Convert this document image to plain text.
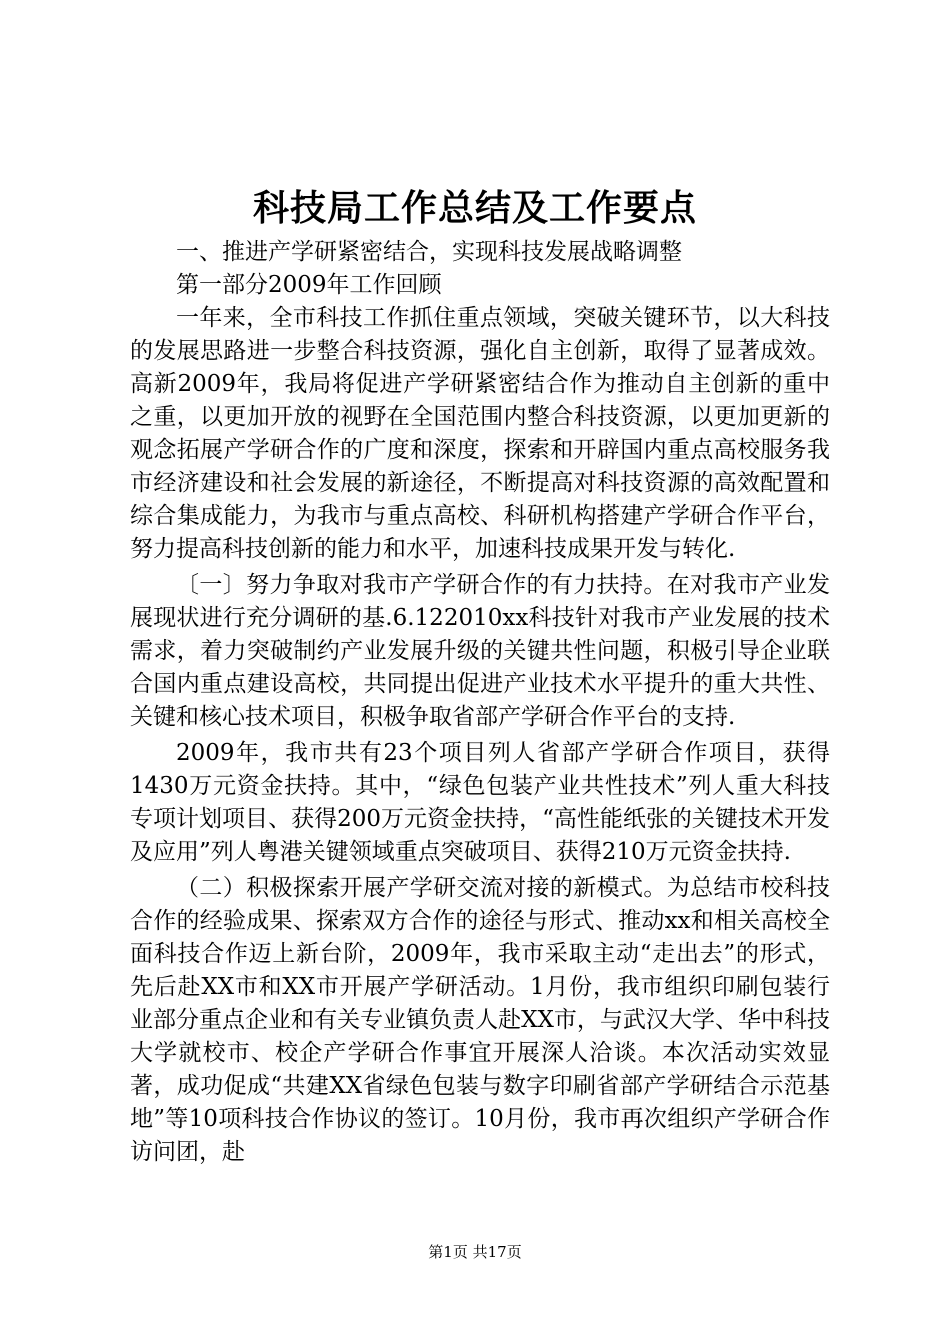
科技局工作总结及工作要点

一、推进产学研紧密结合，实现科技发展战略调整

第一部分2009年工作回顾

一年来，全市科技工作抓住重点领域，突破关键环节，以大科技的发展思路进一步整合科技资源，强化自主创新，取得了显著成效。高新2009年，我局将促进产学研紧密结合作为推动自主创新的重中之重，以更加开放的视野在全国范围内整合科技资源，以更加更新的观念拓展产学研合作的广度和深度，探索和开辟国内重点高校服务我市经济建设和社会发展的新途径，不断提高对科技资源的高效配置和综合集成能力，为我市与重点高校、科研机构搭建产学研合作平台，努力提高科技创新的能力和水平，加速科技成果开发与转化.

〔一〕努力争取对我市产学研合作的有力扶持。在对我市产业发展现状进行充分调研的基.6.122010xx科技针对我市产业发展的技术需求，着力突破制约产业发展升级的关键共性问题，积极引导企业联合国内重点建设高校，共同提出促进产业技术水平提升的重大共性、关键和核心技术项目，积极争取省部产学研合作平台的支持.

2009年，我市共有23个项目列人省部产学研合作项目，获得1430万元资金扶持。其中，“绿色包装产业共性技术”列人重大科技专项计划项目、获得200万元资金扶持，“高性能纸张的关键技术开发及应用”列人粤港关键领域重点突破项目、获得210万元资金扶持.

（二）积极探索开展产学研交流对接的新模式。为总结市校科技合作的经验成果、探索双方合作的途径与形式、推动xx和相关高校全面科技合作迈上新台阶，2009年，我市采取主动“走出去”的形式，先后赴XX市和XX市开展产学研活动。1月份，我市组织印刷包装行业部分重点企业和有关专业镇负责人赴XX市，与武汉大学、华中科技大学就校市、校企产学研合作事宜开展深人洽谈。本次活动实效显著，成功促成“共建XX省绿色包装与数字印刷省部产学研结合示范基地”等10项科技合作协议的签订。10月份，我市再次组织产学研合作访问团，赴

第1页 共17页
